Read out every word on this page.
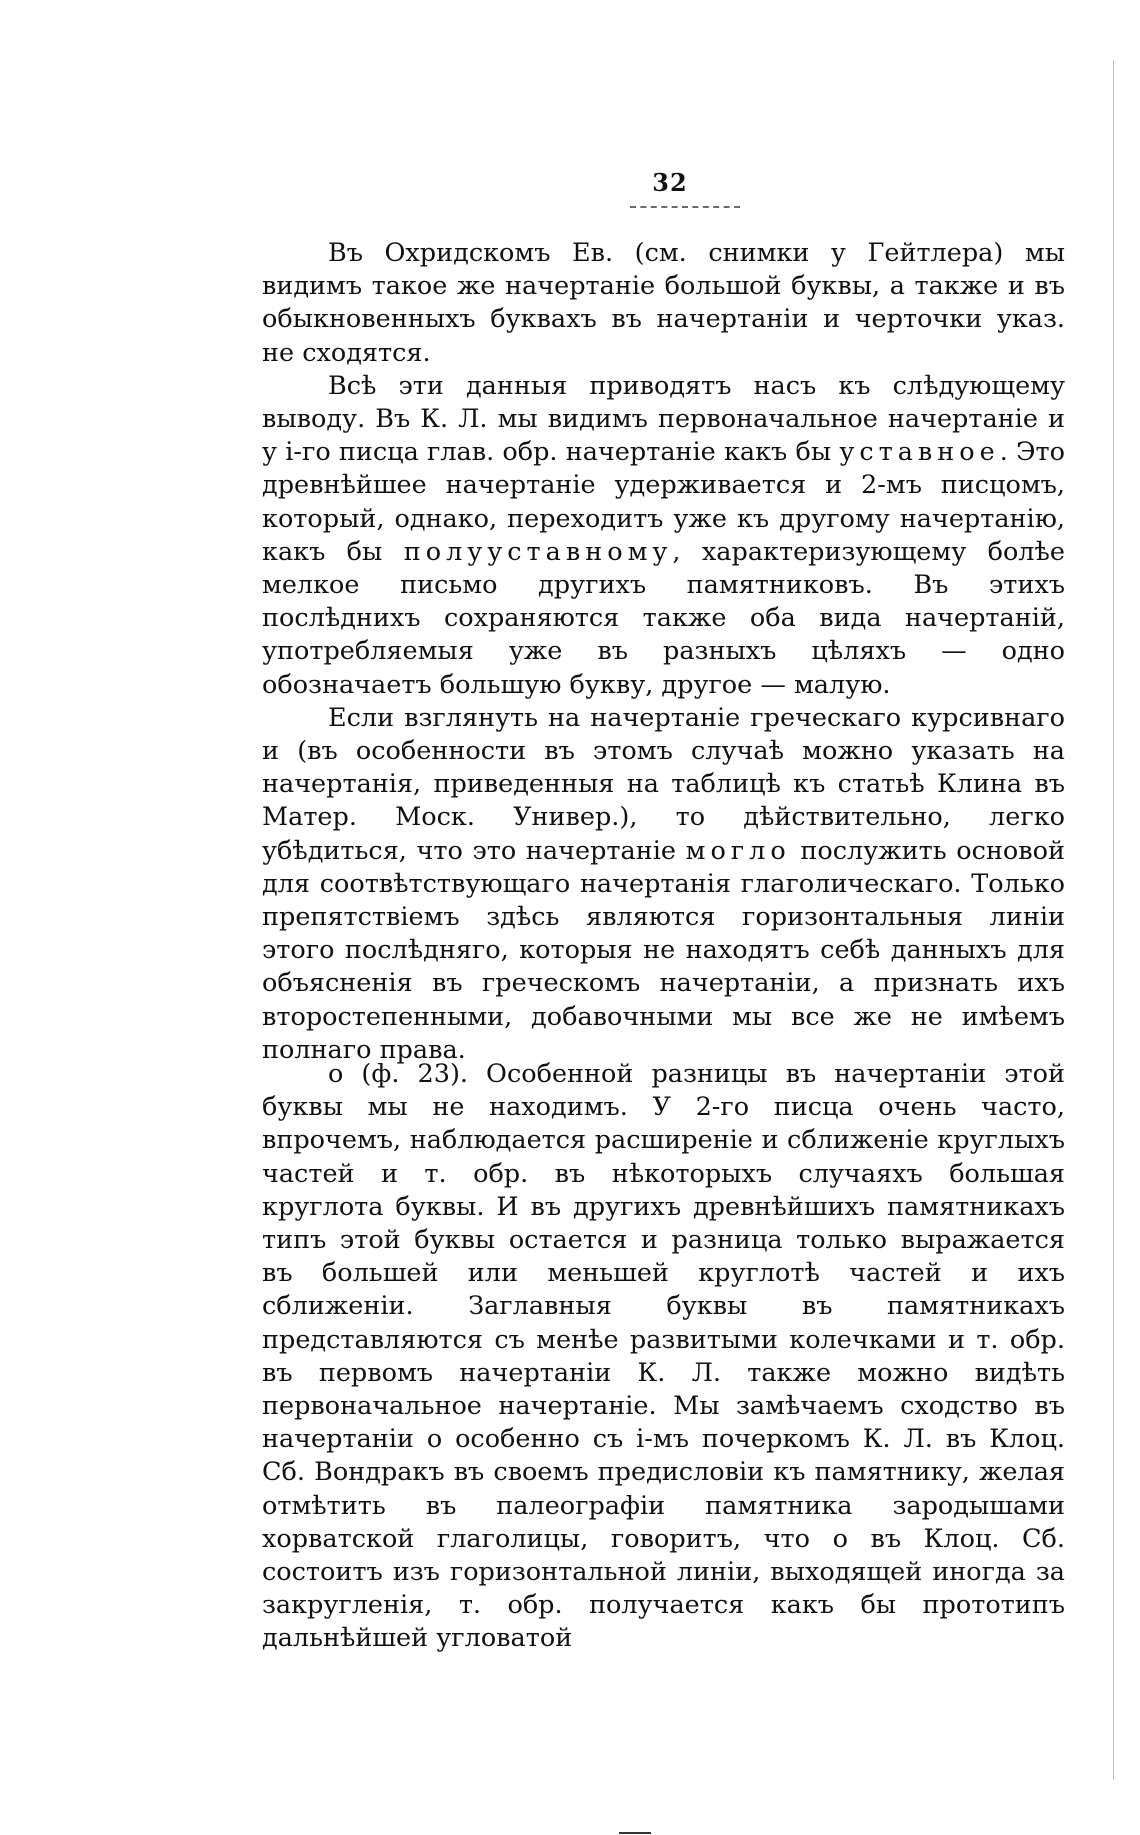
32

Въ Охридскомъ Ев. (см. снимки у Гейтлера) мы видимъ такое же начертаніе большой буквы, а также и въ обыкновенныхъ буквахъ въ начертаніи и черточки указ. не сходятся.

Всѣ эти данныя приводятъ насъ къ слѣдующему выводу. Въ К. Л. мы видимъ первоначальное начертаніе и у і-го писца глав. обр. начертаніе какъ бы уставное. Это древнѣйшее начертаніе удерживается и 2-мъ писцомъ, который, однако, переходитъ уже къ другому начертанію, какъ бы полууставному, характеризующему болѣе мелкое письмо другихъ памятниковъ. Въ этихъ послѣднихъ сохраняются также оба вида начертаній, употребляемыя уже въ разныхъ цѣляхъ — одно обозначаетъ большую букву, другое — малую.

Если взглянуть на начертаніе греческаго курсивнаго и (въ особенности въ этомъ случаѣ можно указать на начертанія, приведенныя на таблицѣ къ статьѣ Клина въ Матер. Моск. Универ.), то дѣйствительно, легко убѣдиться, что это начертаніе могло послужить основой для соотвѣтствующаго начертанія глаголическаго. Только препятствіемъ здѣсь являются горизонтальныя линіи этого послѣдняго, которыя не находятъ себѣ данныхъ для объясненія въ греческомъ начертаніи, а признать ихъ второстепенными, добавочными мы все же не имѣемъ полнаго права.

о (ф. 23). Особенной разницы въ начертаніи этой буквы мы не находимъ. У 2-го писца очень часто, впрочемъ, наблюдается расширеніе и сближеніе круглыхъ частей и т. обр. въ нѣкоторыхъ случаяхъ большая круглота буквы. И въ другихъ древнѣйшихъ памятникахъ типъ этой буквы остается и разница только выражается въ большей или меньшей круглотѣ частей и ихъ сближеніи. Заглавныя буквы въ памятникахъ представляются съ менѣе развитыми колечками и т. обр. въ первомъ начертаніи К. Л. также можно видѣть первоначальное начертаніе. Мы замѣчаемъ сходство въ начертаніи о особенно съ і-мъ почеркомъ К. Л. въ Клоц. Сб. Вондракъ въ своемъ предисловіи къ памятнику, желая отмѣтить въ палеографіи памятника зародышами хорватской глаголицы, говоритъ, что о въ Клоц. Сб. состоитъ изъ горизонтальной линіи, выходящей иногда за закругленія, т. обр. получается какъ бы прототипъ дальнѣйшей угловатой
